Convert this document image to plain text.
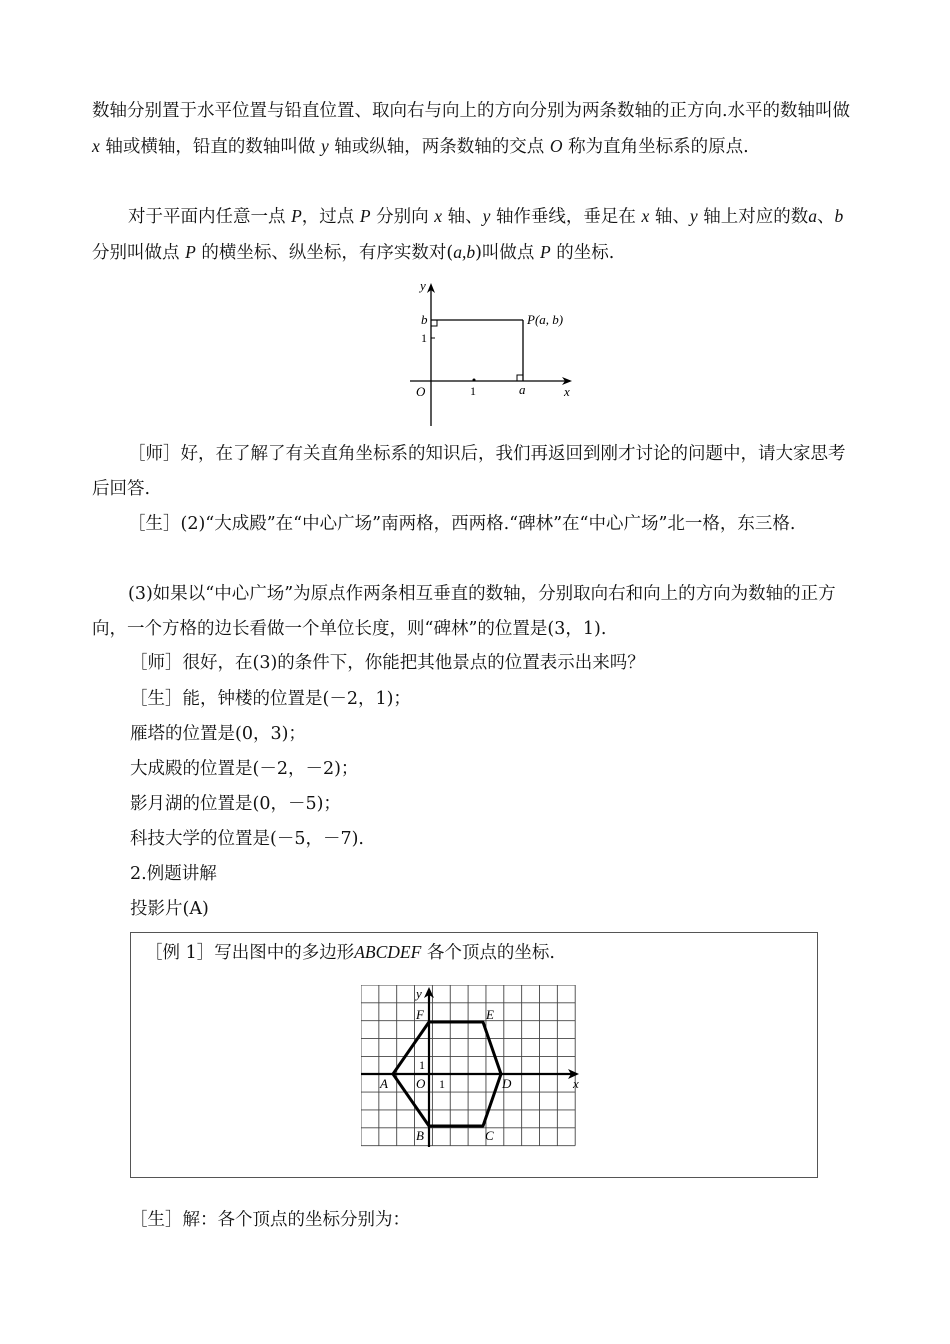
数轴分别置于水平位置与铅直位置、取向右与向上的方向分别为两条数轴的正方向.水平的数轴叫做 x 轴或横轴，铅直的数轴叫做 y 轴或纵轴，两条数轴的交点 O 称为直角坐标系的原点.

对于平面内任意一点 P，过点 P 分别向 x 轴、y 轴作垂线，垂足在 x 轴、y 轴上对应的数a、b 分别叫做点 P 的横坐标、纵坐标，有序实数对(a,b)叫做点 P 的坐标.

y
x
O
b
1
1	a
P(a, b)

［师］好，在了解了有关直角坐标系的知识后，我们再返回到刚才讨论的问题中，请大家思考后回答.

［生］(2)“大成殿”在“中心广场”南两格，西两格.“碑林”在“中心广场”北一格，东三格.

(3)如果以“中心广场”为原点作两条相互垂直的数轴，分别取向右和向上的方向为数轴的正方向，一个方格的边长看做一个单位长度，则“碑林”的位置是(3，1).

［师］很好，在(3)的条件下，你能把其他景点的位置表示出来吗？

［生］能，钟楼的位置是(－2，1)；

雁塔的位置是(0，3)；

大成殿的位置是(－2，－2)；

影月湖的位置是(0，－5)；

科技大学的位置是(－5，－7).

2.例题讲解

投影片(A)

［例 1］写出图中的多边形ABCDEF 各个顶点的坐标.
y
x
O 1
1
A
B	C
D
E
F

［生］解：各个顶点的坐标分别为：
